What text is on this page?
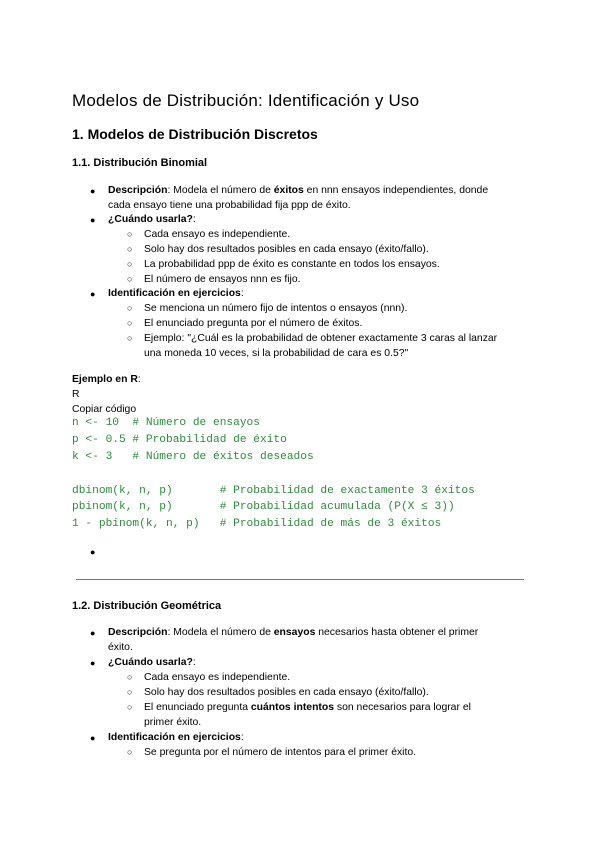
Modelos de Distribución: Identificación y Uso
1. Modelos de Distribución Discretos
1.1. Distribución Binomial
● Descripción: Modela el número de éxitos en nnn ensayos independientes, donde
cada ensayo tiene una probabilidad fija ppp de éxito.
● ¿Cuándo usarla?:
○ Cada ensayo es independiente.
○ Solo hay dos resultados posibles en cada ensayo (éxito/fallo).
○ La probabilidad ppp de éxito es constante en todos los ensayos.
○ El número de ensayos nnn es fijo.
● Identificación en ejercicios:
○ Se menciona un número fijo de intentos o ensayos (nnn).
○ El enunciado pregunta por el número de éxitos.
○ Ejemplo: "¿Cuál es la probabilidad de obtener exactamente 3 caras al lanzar
una moneda 10 veces, si la probabilidad de cara es 0.5?"
Ejemplo en R:
R
Copiar código
n <- 10  # Número de ensayos
p <- 0.5 # Probabilidad de éxito
k <- 3   # Número de éxitos deseados
dbinom(k, n, p)       # Probabilidad de exactamente 3 éxitos
pbinom(k, n, p)       # Probabilidad acumulada (P(X ≤ 3))
1 - pbinom(k, n, p)   # Probabilidad de más de 3 éxitos
●
1.2. Distribución Geométrica
● Descripción: Modela el número de ensayos necesarios hasta obtener el primer
éxito.
● ¿Cuándo usarla?:
○ Cada ensayo es independiente.
○ Solo hay dos resultados posibles en cada ensayo (éxito/fallo).
○ El enunciado pregunta cuántos intentos son necesarios para lograr el
primer éxito.
● Identificación en ejercicios:
○ Se pregunta por el número de intentos para el primer éxito.
